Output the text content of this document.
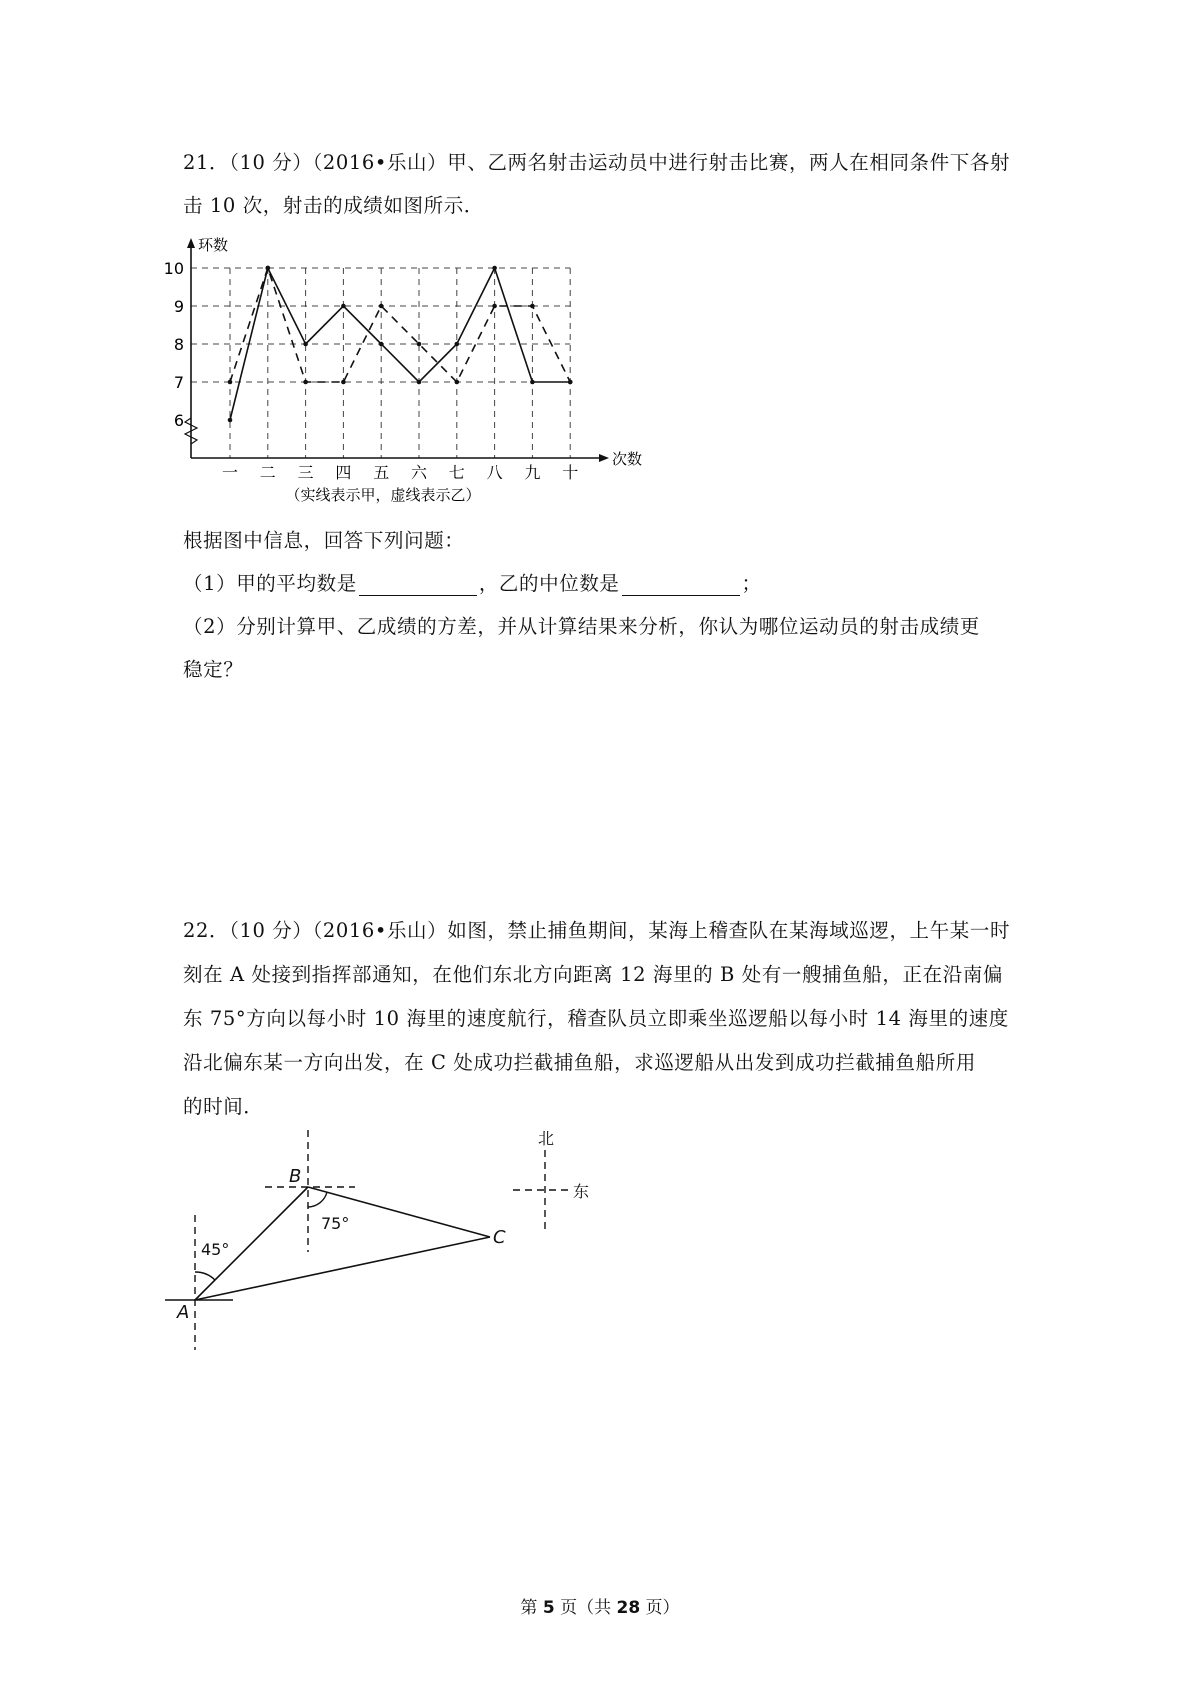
21．（10 分）（2016•乐山）甲、乙两名射击运动员中进行射击比赛，两人在相同条件下各射
击 10 次，射击的成绩如图所示．
环数
次数
6
7
8
9
10
一 二 三 四 五 六 七 八 九 十
（实线表示甲，虚线表示乙）
根据图中信息，回答下列问题：
（1）甲的平均数是	，乙的中位数是	；
（2）分别计算甲、乙成绩的方差，并从计算结果来分析，你认为哪位运动员的射击成绩更
稳定？
22．（10 分）（2016•乐山）如图，禁止捕鱼期间，某海上稽查队在某海域巡逻，上午某一时
刻在 A 处接到指挥部通知，在他们东北方向距离 12 海里的 B 处有一艘捕鱼船，正在沿南偏
东 75°方向以每小时 10 海里的速度航行，稽查队员立即乘坐巡逻船以每小时 14 海里的速度
沿北偏东某一方向出发，在 C 处成功拦截捕鱼船，求巡逻船从出发到成功拦截捕鱼船所用
的时间．
A
B
C
45°
75°
北
东
第 5 页（共 28 页）
